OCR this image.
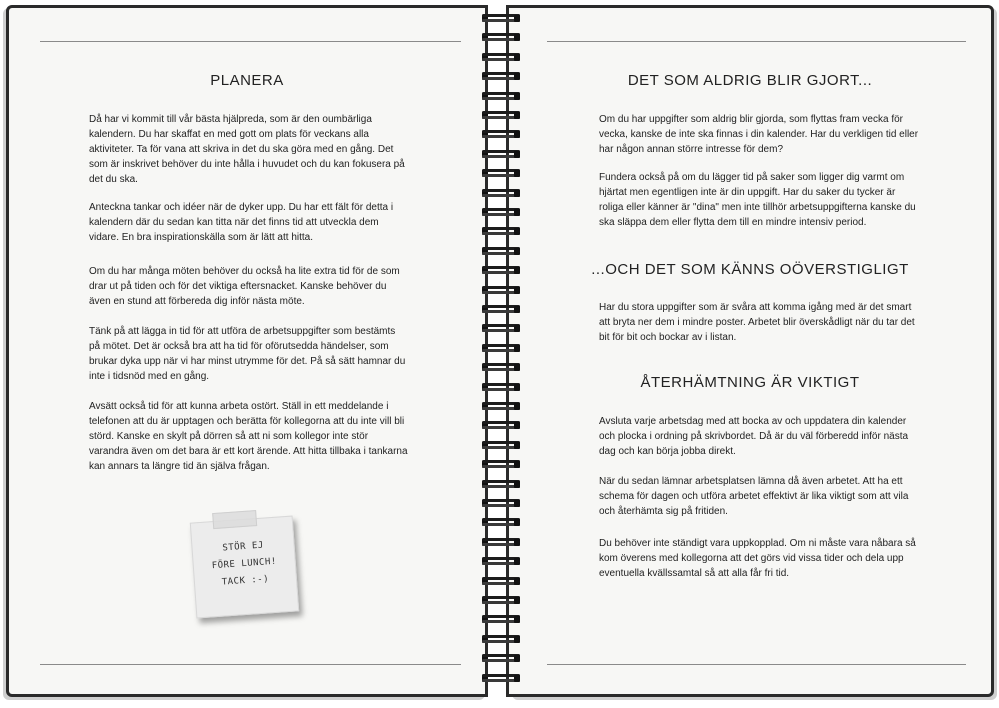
PLANERA

Då har vi kommit till vår bästa hjälpreda, som är den oumbärliga kalendern. Du har skaffat en med gott om plats för veckans alla aktiviteter. Ta för vana att skriva in det du ska göra med en gång. Det som är inskrivet behöver du inte hålla i huvudet och du kan fokusera på det du ska.

Anteckna tankar och idéer när de dyker upp. Du har ett fält för detta i kalendern där du sedan kan titta när det finns tid att utveckla dem vidare. En bra inspirationskälla som är lätt att hitta.

Om du har många möten behöver du också ha lite extra tid för de som drar ut på tiden och för det viktiga eftersnacket. Kanske behöver du även en stund att förbereda dig inför nästa möte.

Tänk på att lägga in tid för att utföra de arbetsuppgifter som bestämts på mötet. Det är också bra att ha tid för oförutsedda händelser, som brukar dyka upp när vi har minst utrymme för det. På så sätt hamnar du inte i tidsnöd med en gång.

Avsätt också tid för att kunna arbeta ostört. Ställ in ett meddelande i telefonen att du är upptagen och berätta för kollegorna att du inte vill bli störd. Kanske en skylt på dörren så att ni som kollegor inte stör varandra även om det bara är ett kort ärende. Att hitta tillbaka i tankarna kan annars ta längre tid än själva frågan.

STÖR EJ
FÖRE LUNCH!
TACK :-)
DET SOM ALDRIG BLIR GJORT...

Om du har uppgifter som aldrig blir gjorda, som flyttas fram vecka för vecka, kanske de inte ska finnas i din kalender. Har du verkligen tid eller har någon annan större intresse för dem?

Fundera också på om du lägger tid på saker som ligger dig varmt om hjärtat men egentligen inte är din uppgift. Har du saker du tycker är roliga eller känner är "dina" men inte tillhör arbetsuppgifterna kanske du ska släppa dem eller flytta dem till en mindre intensiv period.

...OCH DET SOM KÄNNS OÖVERSTIGLIGT

Har du stora uppgifter som är svåra att komma igång med är det smart att bryta ner dem i mindre poster. Arbetet blir överskådligt när du tar det bit för bit och bockar av i listan.

ÅTERHÄMTNING ÄR VIKTIGT

Avsluta varje arbetsdag med att bocka av och uppdatera din kalender och plocka i ordning på skrivbordet. Då är du väl förberedd inför nästa dag och kan börja jobba direkt.

När du sedan lämnar arbetsplatsen lämna då även arbetet. Att ha ett schema för dagen och utföra arbetet effektivt är lika viktigt som att vila och återhämta sig på fritiden.

Du behöver inte ständigt vara uppkopplad. Om ni måste vara nåbara så kom överens med kollegorna att det görs vid vissa tider och dela upp eventuella kvällssamtal så att alla får fri tid.
